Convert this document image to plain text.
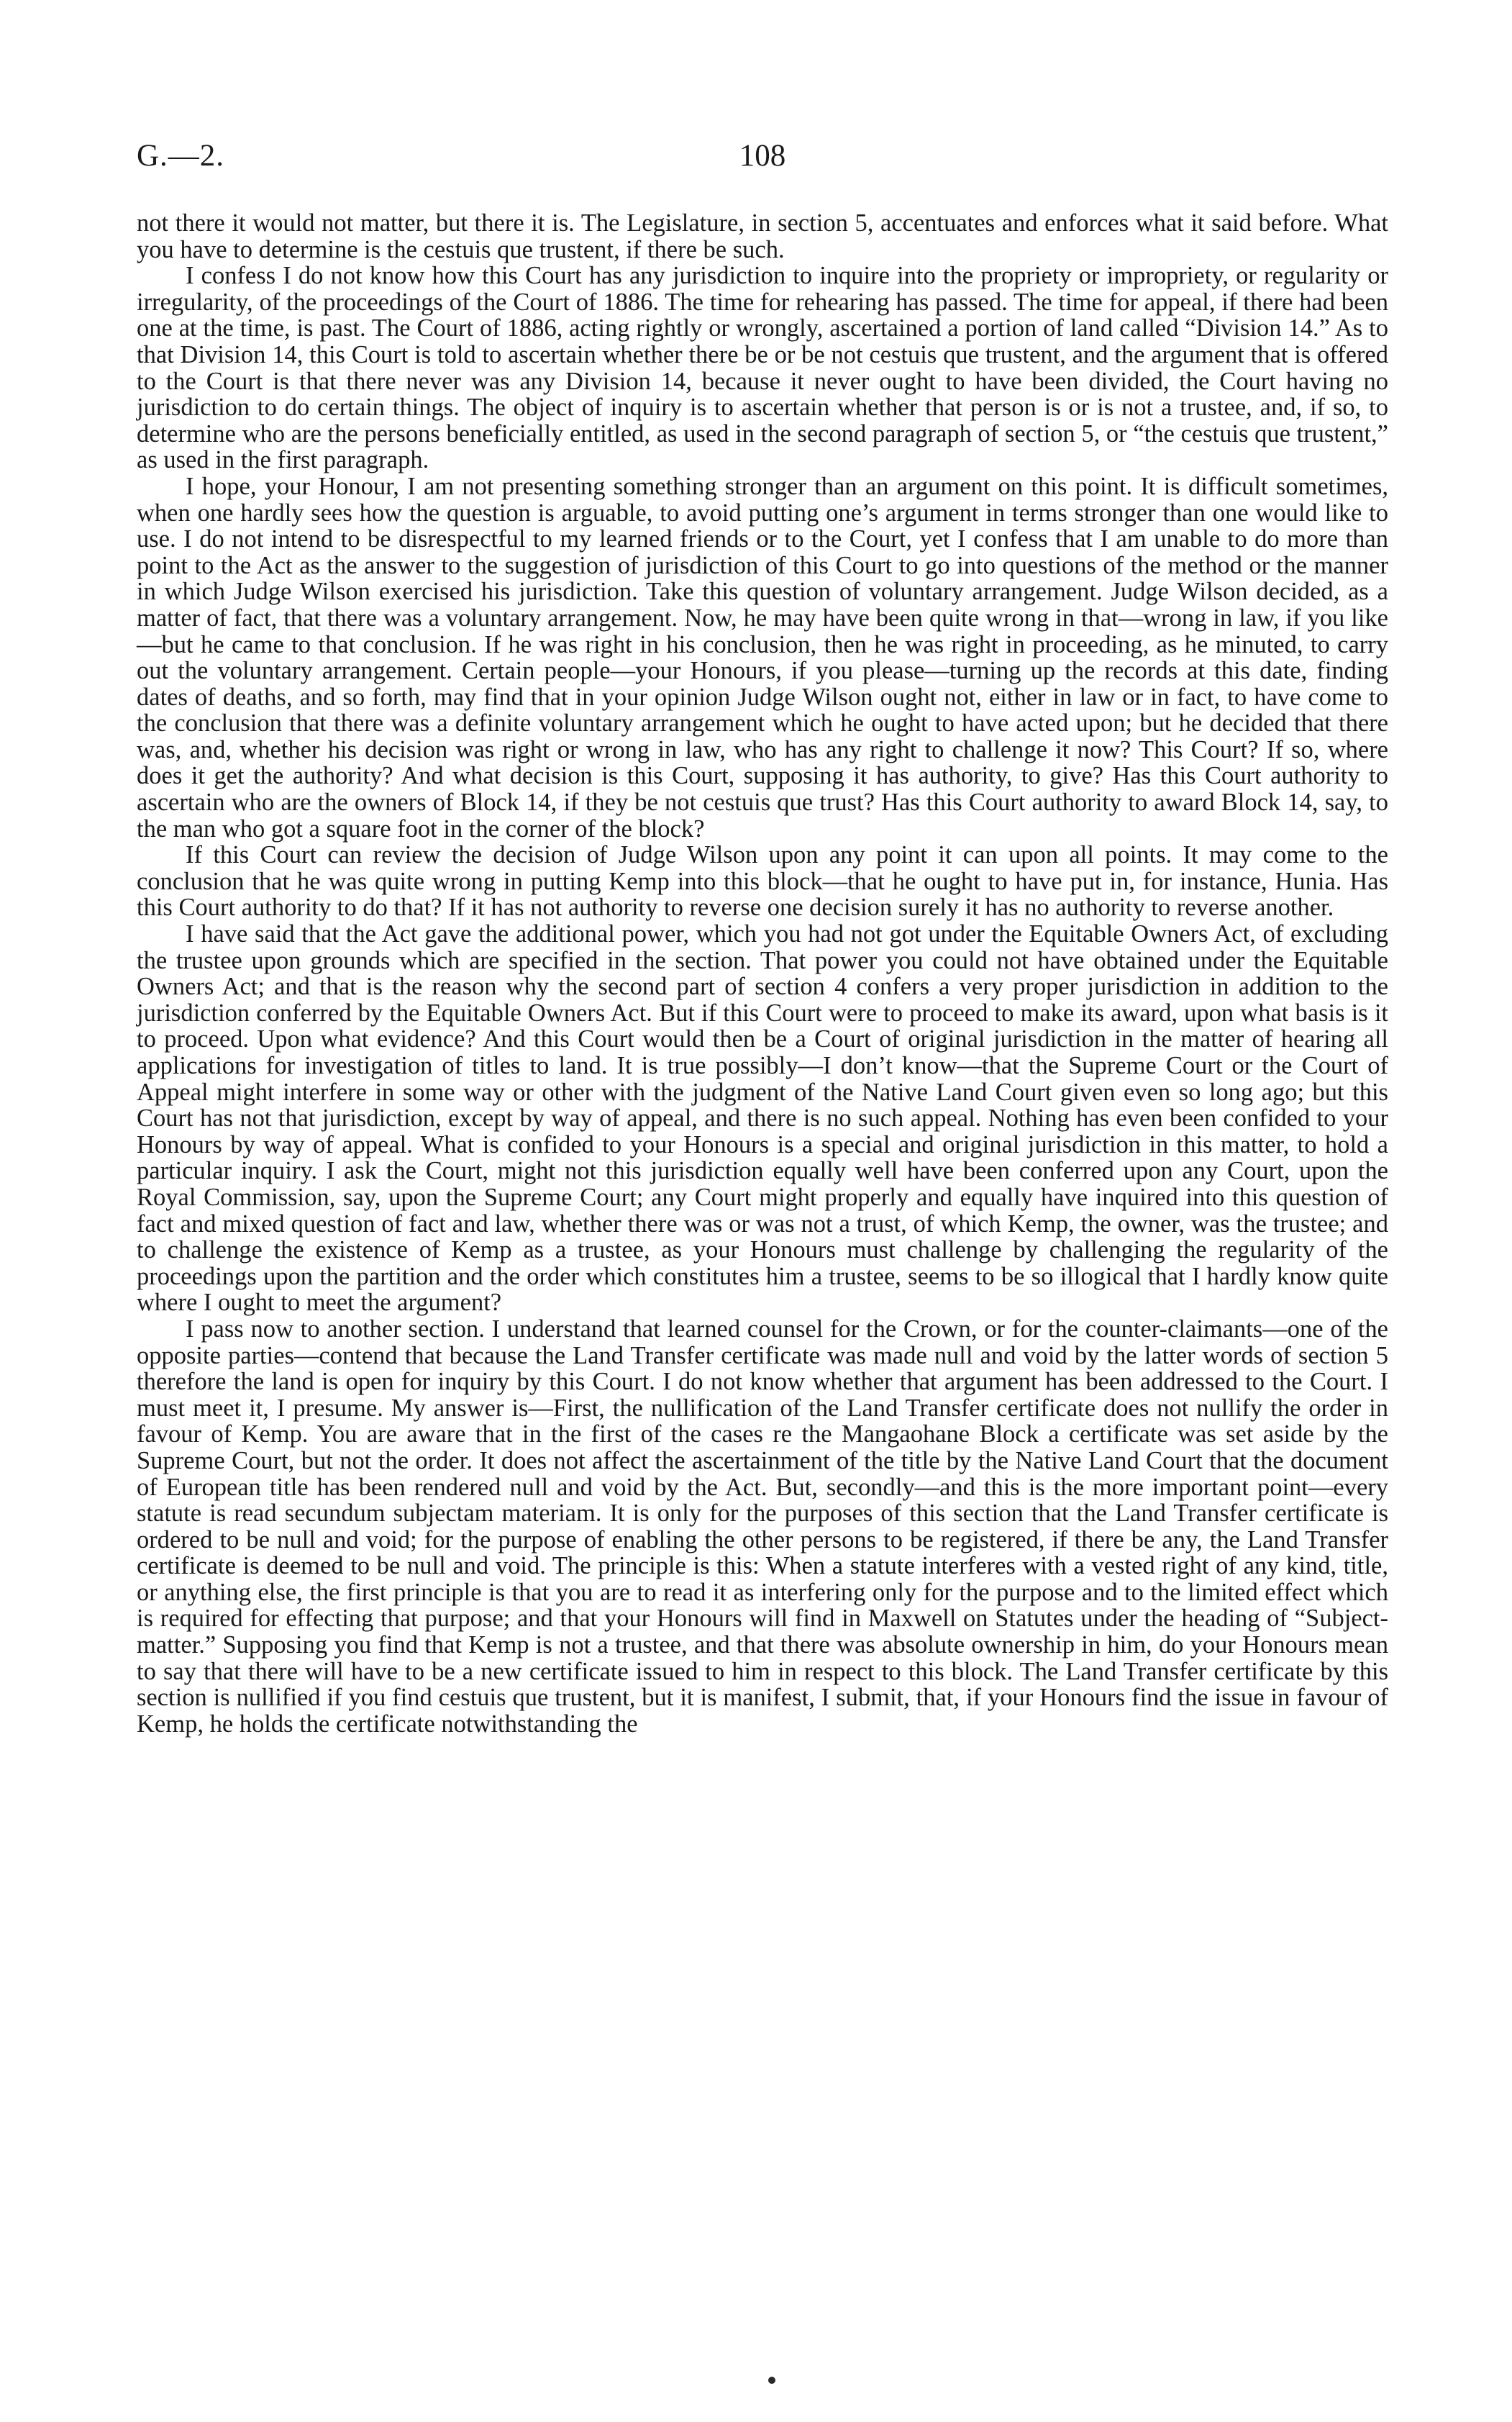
G.—2.	108

not there it would not matter, but there it is. The Legislature, in section 5, accentuates and enforces what it said before. What you have to determine is the cestuis que trustent, if there be such.

I confess I do not know how this Court has any jurisdiction to inquire into the propriety or impropriety, or regularity or irregularity, of the proceedings of the Court of 1886. The time for rehearing has passed. The time for appeal, if there had been one at the time, is past. The Court of 1886, acting rightly or wrongly, ascertained a portion of land called “Division 14.” As to that Division 14, this Court is told to ascertain whether there be or be not cestuis que trustent, and the argument that is offered to the Court is that there never was any Division 14, because it never ought to have been divided, the Court having no jurisdiction to do certain things. The object of inquiry is to ascertain whether that person is or is not a trustee, and, if so, to determine who are the persons beneficially entitled, as used in the second paragraph of section 5, or “the cestuis que trustent,” as used in the first paragraph.

I hope, your Honour, I am not presenting something stronger than an argument on this point. It is difficult sometimes, when one hardly sees how the question is arguable, to avoid putting one’s argument in terms stronger than one would like to use. I do not intend to be disrespectful to my learned friends or to the Court, yet I confess that I am unable to do more than point to the Act as the answer to the suggestion of jurisdiction of this Court to go into questions of the method or the manner in which Judge Wilson exercised his jurisdiction. Take this question of voluntary arrangement. Judge Wilson decided, as a matter of fact, that there was a voluntary arrangement. Now, he may have been quite wrong in that—wrong in law, if you like—but he came to that conclusion. If he was right in his conclusion, then he was right in proceeding, as he minuted, to carry out the voluntary arrangement. Certain people—your Honours, if you please—turning up the records at this date, finding dates of deaths, and so forth, may find that in your opinion Judge Wilson ought not, either in law or in fact, to have come to the conclusion that there was a definite voluntary arrangement which he ought to have acted upon; but he decided that there was, and, whether his decision was right or wrong in law, who has any right to challenge it now? This Court? If so, where does it get the authority? And what decision is this Court, supposing it has authority, to give? Has this Court authority to ascertain who are the owners of Block 14, if they be not cestuis que trust? Has this Court authority to award Block 14, say, to the man who got a square foot in the corner of the block?

If this Court can review the decision of Judge Wilson upon any point it can upon all points. It may come to the conclusion that he was quite wrong in putting Kemp into this block—that he ought to have put in, for instance, Hunia. Has this Court authority to do that? If it has not authority to reverse one decision surely it has no authority to reverse another.

I have said that the Act gave the additional power, which you had not got under the Equitable Owners Act, of excluding the trustee upon grounds which are specified in the section. That power you could not have obtained under the Equitable Owners Act; and that is the reason why the second part of section 4 confers a very proper jurisdiction in addition to the jurisdiction conferred by the Equitable Owners Act. But if this Court were to proceed to make its award, upon what basis is it to proceed. Upon what evidence? And this Court would then be a Court of original jurisdiction in the matter of hearing all applications for investigation of titles to land. It is true possibly—I don’t know—that the Supreme Court or the Court of Appeal might interfere in some way or other with the judgment of the Native Land Court given even so long ago; but this Court has not that jurisdiction, except by way of appeal, and there is no such appeal. Nothing has even been confided to your Honours by way of appeal. What is confided to your Honours is a special and original jurisdiction in this matter, to hold a particular inquiry. I ask the Court, might not this jurisdiction equally well have been conferred upon any Court, upon the Royal Commission, say, upon the Supreme Court; any Court might properly and equally have inquired into this question of fact and mixed question of fact and law, whether there was or was not a trust, of which Kemp, the owner, was the trustee; and to challenge the existence of Kemp as a trustee, as your Honours must challenge by challenging the regularity of the proceedings upon the partition and the order which constitutes him a trustee, seems to be so illogical that I hardly know quite where I ought to meet the argument?

I pass now to another section. I understand that learned counsel for the Crown, or for the counter-claimants—one of the opposite parties—contend that because the Land Transfer certificate was made null and void by the latter words of section 5 therefore the land is open for inquiry by this Court. I do not know whether that argument has been addressed to the Court. I must meet it, I presume. My answer is—First, the nullification of the Land Transfer certificate does not nullify the order in favour of Kemp. You are aware that in the first of the cases re the Mangaohane Block a certificate was set aside by the Supreme Court, but not the order. It does not affect the ascertainment of the title by the Native Land Court that the document of European title has been rendered null and void by the Act. But, secondly—and this is the more important point—every statute is read secundum subjectam materiam. It is only for the purposes of this section that the Land Transfer certificate is ordered to be null and void; for the purpose of enabling the other persons to be registered, if there be any, the Land Transfer certificate is deemed to be null and void. The principle is this: When a statute interferes with a vested right of any kind, title, or anything else, the first principle is that you are to read it as interfering only for the purpose and to the limited effect which is required for effecting that purpose; and that your Honours will find in Maxwell on Statutes under the heading of “Subject-matter.” Supposing you find that Kemp is not a trustee, and that there was absolute ownership in him, do your Honours mean to say that there will have to be a new certificate issued to him in respect to this block. The Land Transfer certificate by this section is nullified if you find cestuis que trustent, but it is manifest, I submit, that, if your Honours find the issue in favour of Kemp, he holds the certificate notwithstanding the
